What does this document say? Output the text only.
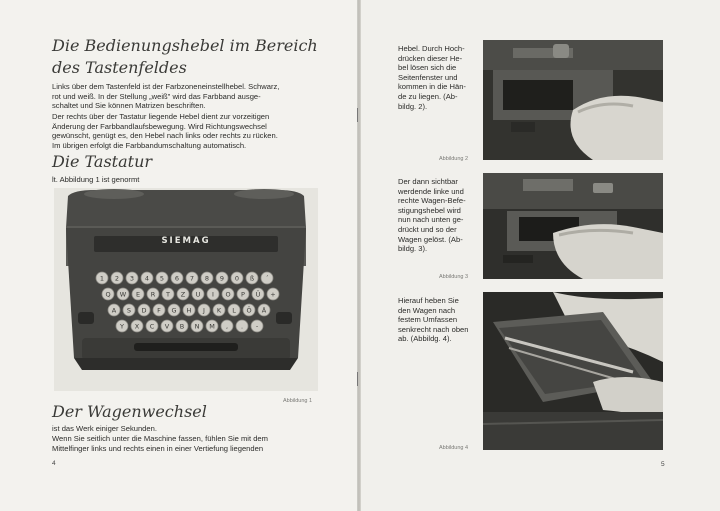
Die Bedienungshebel im Bereich
des Tastenfeldes
Links über dem Tastenfeld ist der Farbzoneneinstellhebel. Schwarz,
rot und weiß. In der Stellung „weiß" wird das Farbband ausge-
schaltet und Sie können Matrizen beschriften.
Der rechts über der Tastatur liegende Hebel dient zur vorzeitigen
Änderung der Farbbandlaufsbewegung. Wird Richtungswechsel
gewünscht, genügt es, den Hebel nach links oder rechts zu rücken.
Im übrigen erfolgt die Farbbandumschaltung automatisch.
Die Tastatur
lt. Abbildung 1 ist genormt
1 2 3 4 5 6 7 8 9 0 ß ´
Q W E R T Z U I O P Ü +
A S D F G H J K L Ö Ä
Y X C V B N M , . -
SIEMAG
Abbildung 1
Der Wagenwechsel
ist das Werk einiger Sekunden.
Wenn Sie seitlich unter die Maschine fassen, fühlen Sie mit dem
Mittelfinger links und rechts einen in einer Vertiefung liegenden
4
Hebel. Durch Hoch-
drücken dieser He-
bel lösen sich die
Seitenfenster und
kommen in die Hän-
de zu liegen. (Ab-
bildg. 2).
Abbildung 2
Der dann sichtbar
werdende linke und
rechte Wagen-Befe-
stigungshebel wird
nun nach unten ge-
drückt und so der
Wagen gelöst. (Ab-
bildg. 3).
Abbildung 3
Hierauf heben Sie
den Wagen nach
festem Umfassen
senkrecht nach oben
ab. (Abbildg. 4).
Abbildung 4
5
